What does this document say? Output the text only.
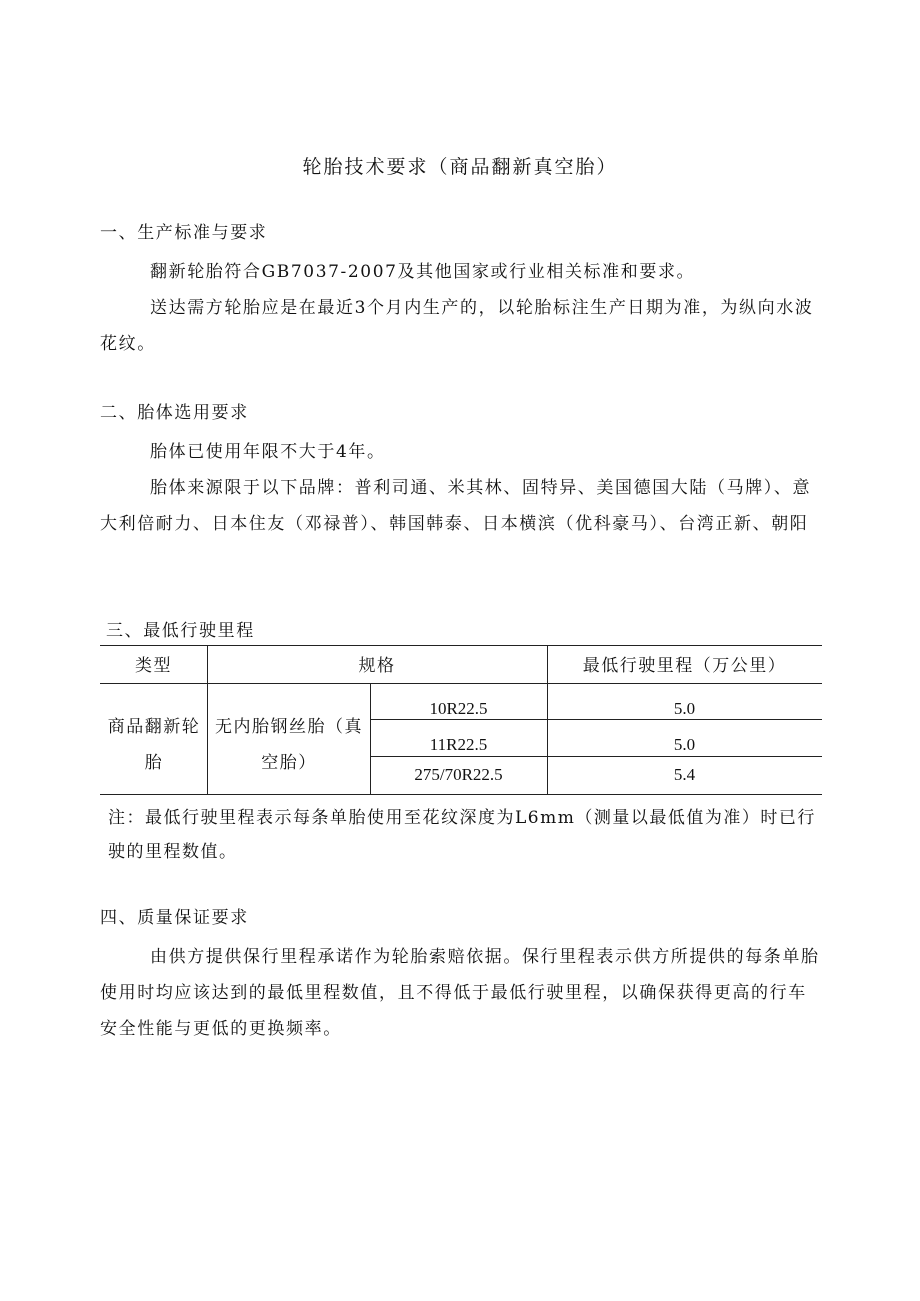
轮胎技术要求（商品翻新真空胎）
一、生产标准与要求

翻新轮胎符合GB7037-2007及其他国家或行业相关标准和要求。

送达需方轮胎应是在最近3个月内生产的，以轮胎标注生产日期为准，为纵向水波花纹。

二、胎体选用要求

胎体已使用年限不大于4年。

胎体来源限于以下品牌：普利司通、米其林、固特异、美国德国大陆（马牌）、意大利倍耐力、日本住友（邓禄普）、韩国韩泰、日本横滨（优科豪马）、台湾正新、朝阳

三、最低行驶里程
类型	规格	最低行驶里程（万公里）
商品翻新轮胎
无内胎钢丝胎（真空胎）
10R22.5	5.0
11R22.5	5.0
275/70R22.5	5.4
注：最低行驶里程表示每条单胎使用至花纹深度为L6mm（测量以最低值为准）时已行驶的里程数值。
四、质量保证要求

由供方提供保行里程承诺作为轮胎索赔依据。保行里程表示供方所提供的每条单胎使用时均应该达到的最低里程数值，且不得低于最低行驶里程，以确保获得更高的行车安全性能与更低的更换频率。
